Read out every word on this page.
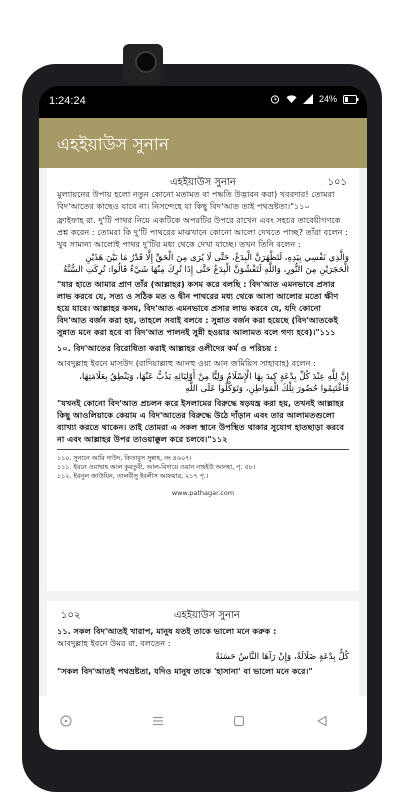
1:24:24	24%
এহইয়াউস সুনান
এহইয়াউস সুনান	১০১

মুল্যায়নের উপায় হলো নতুন কোনো মতামত বা পদ্ধতি উদ্ভাবন করা) খবরদার! তোমরা বিদ'আতের কাছেও যাবে না। নিসন্দেহে যা কিছু বিদ'আত তাই পথভ্রষ্টতা।"১১০

ফ্রাইফাহ রা. দু'টি পাথর নিয়ে একটিকে অপরটির উপরে রাখেন এবং সহচর তাবেয়ীগণকে প্রশ্ন করেন : তোমরা কি দু'টি পাথরের মাঝখানে কোনো আলো দেখতে পাচ্ছ? তাঁরা বলেন : খুব সামান্য আলোই পাথর দু'টির মধ্য থেকে দেখা যাচ্ছে। তখন তিনি বলেন :

وَالَّذِي نَفْسِي بِيَدِهِ، لَتَظْهَرَنَّ الْبِدَعُ، حَتَّى لَا يُرَى مِنَ الْحَقِّ إِلَّا قَدْرُ مَا بَيْنَ هَذَيْنِ الْحَجَرَيْنِ مِنَ النُّورِ، وَاللَّهِ لَتَفْشُوَنَّ الْبِدَعُ حَتَّى إِذَا تُرِكَ مِنْهَا شَيْءٌ قَالُوا: تُرِكَتِ السُّنَّةُ

"যার হাতে আমার প্রাণ তাঁর (আল্লাহর) কসম করে বলছি : বিদ'আত এমনভাবে প্রসার লাভ করবে যে, সত্য ও সঠিক মত ও দ্বীন পাথরের মধ্য থেকে আসা আলোর মতো ক্ষীণ হয়ে যাবে। আল্লাহর কসম, বিদ'আত এমনভাবে প্রসার লাভ করবে যে, যদি কোনো বিদ'আত বর্জন করা হয়, তাহলে সবাই বলবে : সুন্নাত বর্জন করা হয়েছে (বিদ'আতকেই সুন্নাত মনে করা হবে বা বিদ'আত পালনই সুন্নী হওয়ার আলামত বলে গণ্য হবে)।"১১১

১০. বিদ'আতের বিরোধিতা করাই আল্লাহর ওলীদের কর্ম ও পরিচয় :

আবদুল্লাহ ইবনে মাসউদ (রাদিয়াল্লাহু আনহু ওয়া আন জমিয়িস সাহাবাহ) বলেন :

إِنَّ لِلَّهِ عِنْدَ كُلِّ بِدْعَةٍ كِيدَ بِهَا الْإِسْلَامُ وَلِيًّا مِنْ أَوْلِيَائِهِ يَذُبُّ عَنْهَا، وَيَنْطِقُ بِعَلَامَتِهَا، فَاغْتَنِمُوا حُضُورَ تِلْكَ الْمَوَاطِنِ، وَتَوَكَّلُوا عَلَى اللَّهِ

"যখনই কোনো বিদ'আত প্রচলন করে ইসলামের বিরুদ্ধে ষড়যন্ত্র করা হয়, তখনই আল্লাহর কিছু আওলিয়াকে কেয়াম এ বিদ'আতের বিরুদ্ধে উঠে দাঁড়ান এবং তার আলামতগুলো ব্যাখ্যা করতে থাকেন। তাই তোমরা এ সকল স্থানে উপস্থিত থাকার সুযোগ হাতছাড়া করবে না এবং আল্লাহর উপর তাওয়াক্কুল করে চলবে।"১১২

১১০. সুনানে আবি দাউদ, কিতাবুস সুন্নাহ, নং ৪৬০৭।
১১১. ইবনে ওয়াদ্বাহ আল কুরতুবী, আল-বিদায়ে ওয়ান নাহইউ আনহা, পৃ. ৫৮।
১১২. ইবনুল জাউযিন, তালবীসু ইবলীস আফয়ার, ২১৭ পৃ.।
www.pathagar.com
১০২	এহইয়াউস সুনান

১১. সকল বিদ'আতই খারাপ, মানুষ যতই তাকে ভালো মনে করুক :

আবদুল্লাহ ইবনে উমর রা. বলতেন :

كُلُّ بِدْعَةٍ ضَلَالَةٌ، وَإِنْ رَآهَا النَّاسُ حَسَنَةً

"সকল বিদ'আতই পথভ্রষ্টতা, যদিও মানুষ তাকে 'হাসানা' বা ভালো মনে করে।"
